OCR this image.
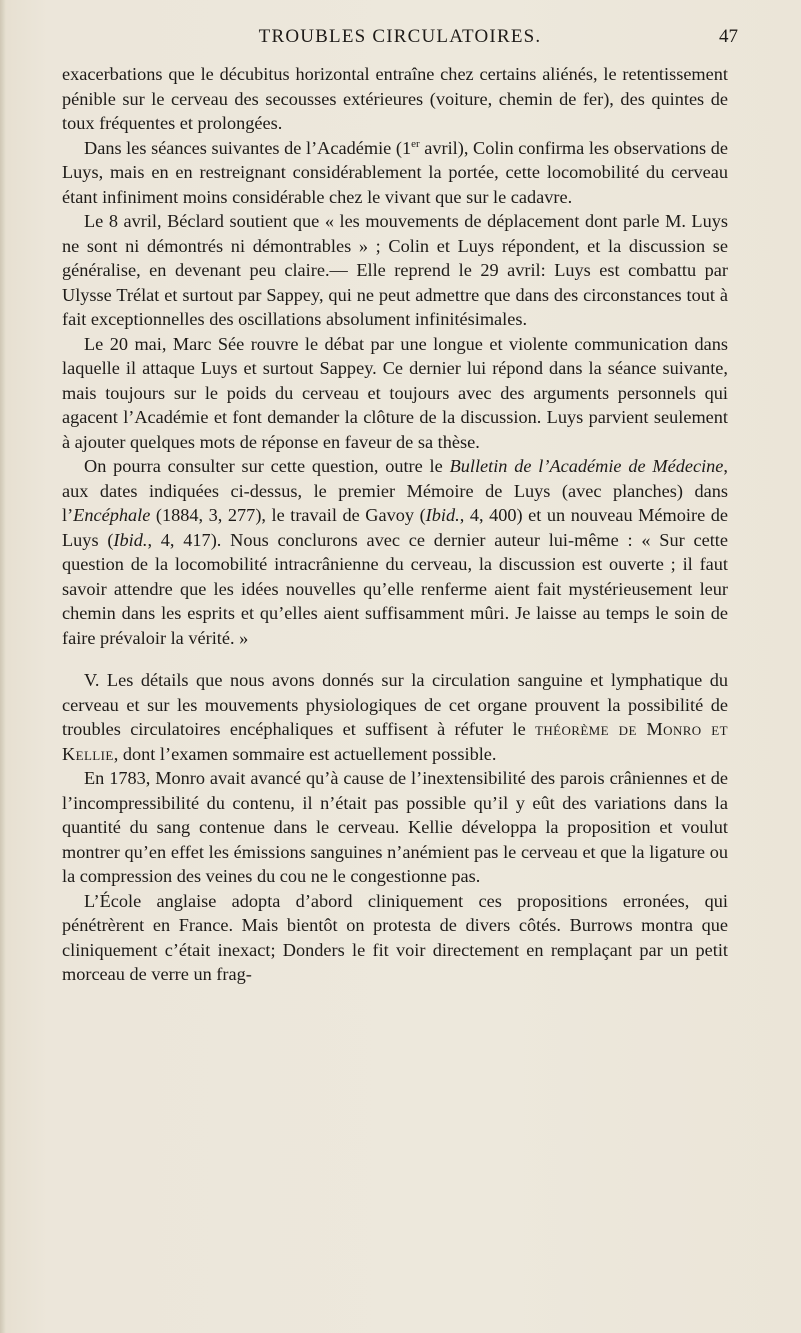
TROUBLES CIRCULATOIRES.	47

exacerbations que le décubitus horizontal entraîne chez certains aliénés, le retentissement pénible sur le cerveau des secousses extérieures (voiture, chemin de fer), des quintes de toux fréquentes et prolongées.

Dans les séances suivantes de l’Académie (1er avril), Colin confirma les observations de Luys, mais en en restreignant considérablement la portée, cette locomobilité du cerveau étant infiniment moins considérable chez le vivant que sur le cadavre.

Le 8 avril, Béclard soutient que « les mouvements de déplacement dont parle M. Luys ne sont ni démontrés ni démontrables » ; Colin et Luys répondent, et la discussion se généralise, en devenant peu claire.— Elle reprend le 29 avril: Luys est combattu par Ulysse Trélat et surtout par Sappey, qui ne peut admettre que dans des circonstances tout à fait exceptionnelles des oscillations absolument infinitésimales.

Le 20 mai, Marc Sée rouvre le débat par une longue et violente communication dans laquelle il attaque Luys et surtout Sappey. Ce dernier lui répond dans la séance suivante, mais toujours sur le poids du cerveau et toujours avec des arguments personnels qui agacent l’Académie et font demander la clôture de la discussion. Luys parvient seulement à ajouter quelques mots de réponse en faveur de sa thèse.

On pourra consulter sur cette question, outre le Bulletin de l’Académie de Médecine, aux dates indiquées ci-dessus, le premier Mémoire de Luys (avec planches) dans l’Encéphale (1884, 3, 277), le travail de Gavoy (Ibid., 4, 400) et un nouveau Mémoire de Luys (Ibid., 4, 417). Nous conclurons avec ce dernier auteur lui-même : « Sur cette question de la locomobilité intracrânienne du cerveau, la discussion est ouverte ; il faut savoir attendre que les idées nouvelles qu’elle renferme aient fait mystérieusement leur chemin dans les esprits et qu’elles aient suffisamment mûri. Je laisse au temps le soin de faire prévaloir la vérité. »

V. Les détails que nous avons donnés sur la circulation sanguine et lymphatique du cerveau et sur les mouvements physiologiques de cet organe prouvent la possibilité de troubles circulatoires encéphaliques et suffisent à réfuter le théorème de Monro et Kellie, dont l’examen sommaire est actuellement possible.

En 1783, Monro avait avancé qu’à cause de l’inextensibilité des parois crâniennes et de l’incompressibilité du contenu, il n’était pas possible qu’il y eût des variations dans la quantité du sang contenue dans le cerveau. Kellie développa la proposition et voulut montrer qu’en effet les émissions sanguines n’anémient pas le cerveau et que la ligature ou la compression des veines du cou ne le congestionne pas.

L’École anglaise adopta d’abord cliniquement ces propositions erronées, qui pénétrèrent en France. Mais bientôt on protesta de divers côtés. Burrows montra que cliniquement c’était inexact; Donders le fit voir directement en remplaçant par un petit morceau de verre un frag-
